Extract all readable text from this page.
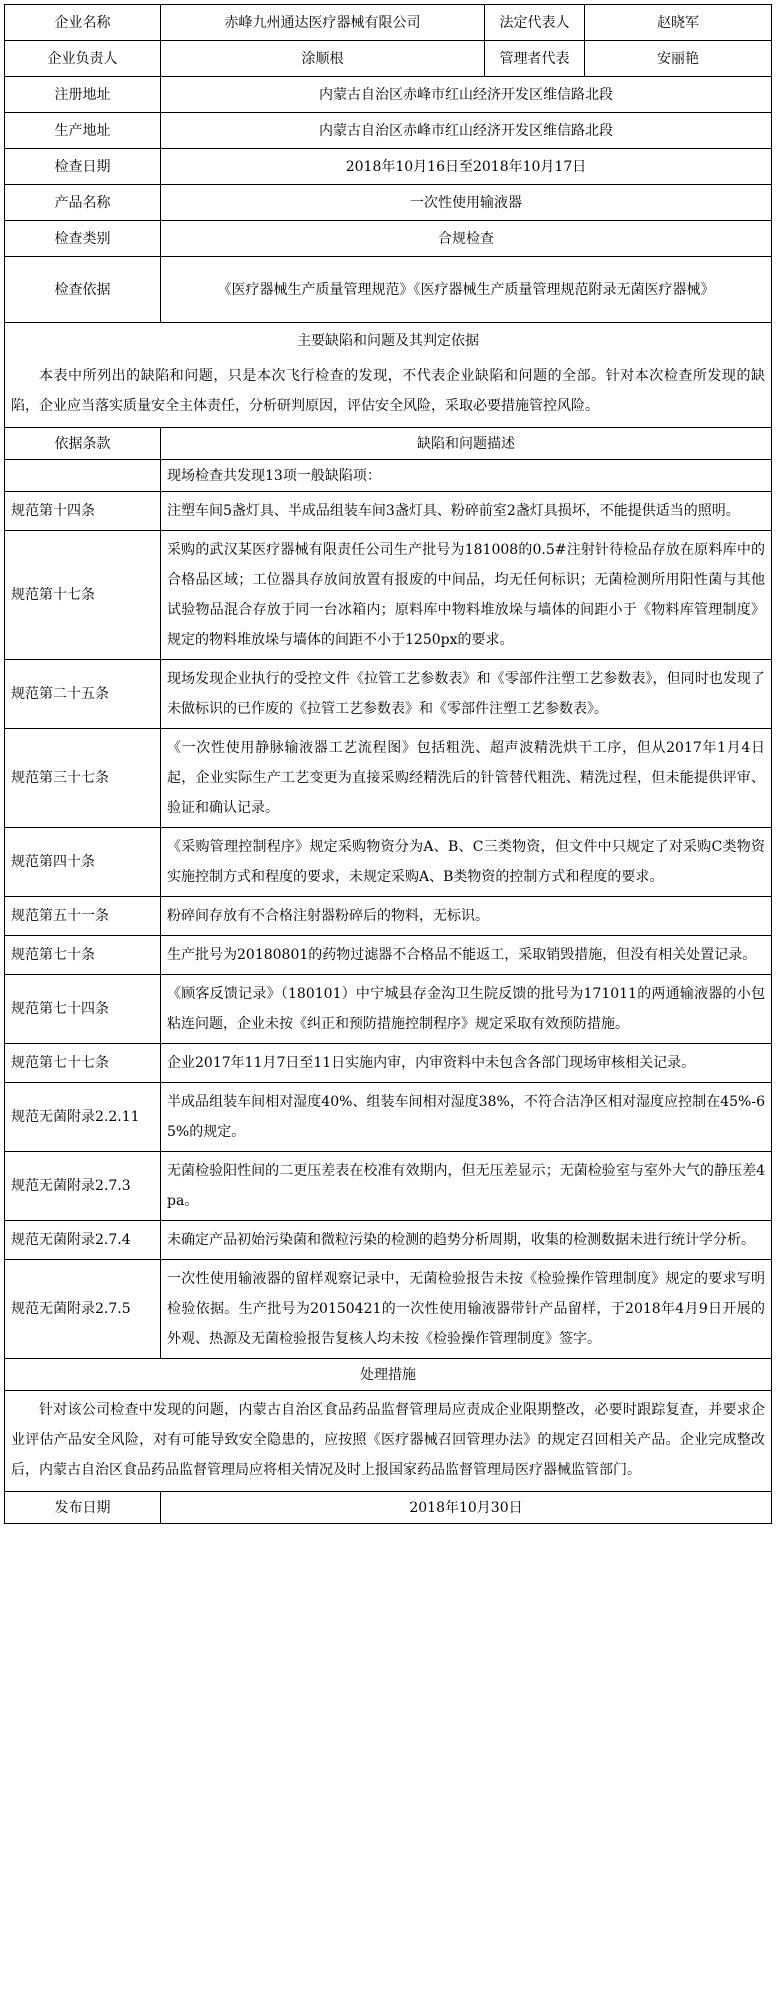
企业名称	赤峰九州通达医疗器械有限公司	法定代表人	赵晓军
企业负责人	涂顺根	管理者代表	安丽艳
注册地址	内蒙古自治区赤峰市红山经济开发区维信路北段		
生产地址	内蒙古自治区赤峰市红山经济开发区维信路北段		
检查日期	2018年10月16日至2018年10月17日		
产品名称	一次性使用输液器		
检查类别	合规检查		
检查依据	《医疗器械生产质量管理规范》《医疗器械生产质量管理规范附录无菌医疗器械》		

主要缺陷和问题及其判定依据
本表中所列出的缺陷和问题，只是本次飞行检查的发现，不代表企业缺陷和问题的全部。针对本次检查所发现的缺陷，企业应当落实质量安全主体责任，分析研判原因，评估安全风险，采取必要措施管控风险。			

依据条款	缺陷和问题描述		
	现场检查共发现13项一般缺陷项：		
规范第十四条	注塑车间5盏灯具、半成品组装车间3盏灯具、粉碎前室2盏灯具损坏，不能提供适当的照明。		
规范第十七条	采购的武汉某医疗器械有限责任公司生产批号为181008的0.5#注射针待检品存放在原料库中的合格品区域；工位器具存放间放置有报废的中间品，均无任何标识；无菌检测所用阳性菌与其他试验物品混合存放于同一台冰箱内；原料库中物料堆放垛与墙体的间距小于《物料库管理制度》规定的物料堆放垛与墙体的间距不小于1250px的要求。		
规范第二十五条	现场发现企业执行的受控文件《拉管工艺参数表》和《零部件注塑工艺参数表》，但同时也发现了未做标识的已作废的《拉管工艺参数表》和《零部件注塑工艺参数表》。		
规范第三十七条	《一次性使用静脉输液器工艺流程图》包括粗洗、超声波精洗烘干工序，但从2017年1月4日起，企业实际生产工艺变更为直接采购经精洗后的针管替代粗洗、精洗过程，但未能提供评审、验证和确认记录。		
规范第四十条	《采购管理控制程序》规定采购物资分为A、B、C三类物资，但文件中只规定了对采购C类物资实施控制方式和程度的要求，未规定采购A、B类物资的控制方式和程度的要求。		
规范第五十一条	粉碎间存放有不合格注射器粉碎后的物料，无标识。		
规范第七十条	生产批号为20180801的药物过滤器不合格品不能返工，采取销毁措施，但没有相关处置记录。		
规范第七十四条	《顾客反馈记录》（180101）中宁城县存金沟卫生院反馈的批号为171011的两通输液器的小包粘连问题，企业未按《纠正和预防措施控制程序》规定采取有效预防措施。		
规范第七十七条	企业2017年11月7日至11日实施内审，内审资料中未包含各部门现场审核相关记录。		
规范无菌附录2.2.11	半成品组装车间相对湿度40%、组装车间相对湿度38%，不符合洁净区相对湿度应控制在45%-65%的规定。		
规范无菌附录2.7.3	无菌检验阳性间的二更压差表在校准有效期内，但无压差显示；无菌检验室与室外大气的静压差4pa。		
规范无菌附录2.7.4	未确定产品初始污染菌和微粒污染的检测的趋势分析周期，收集的检测数据未进行统计学分析。		
规范无菌附录2.7.5	一次性使用输液器的留样观察记录中，无菌检验报告未按《检验操作管理制度》规定的要求写明检验依据。生产批号为20150421的一次性使用输液器带针产品留样，于2018年4月9日开展的外观、热源及无菌检验报告复核人均未按《检验操作管理制度》签字。		
处理措施			
针对该公司检查中发现的问题，内蒙古自治区食品药品监督管理局应责成企业限期整改，必要时跟踪复查，并要求企业评估产品安全风险，对有可能导致安全隐患的，应按照《医疗器械召回管理办法》的规定召回相关产品。企业完成整改后，内蒙古自治区食品药品监督管理局应将相关情况及时上报国家药品监督管理局医疗器械监管部门。			
发布日期	2018年10月30日		
